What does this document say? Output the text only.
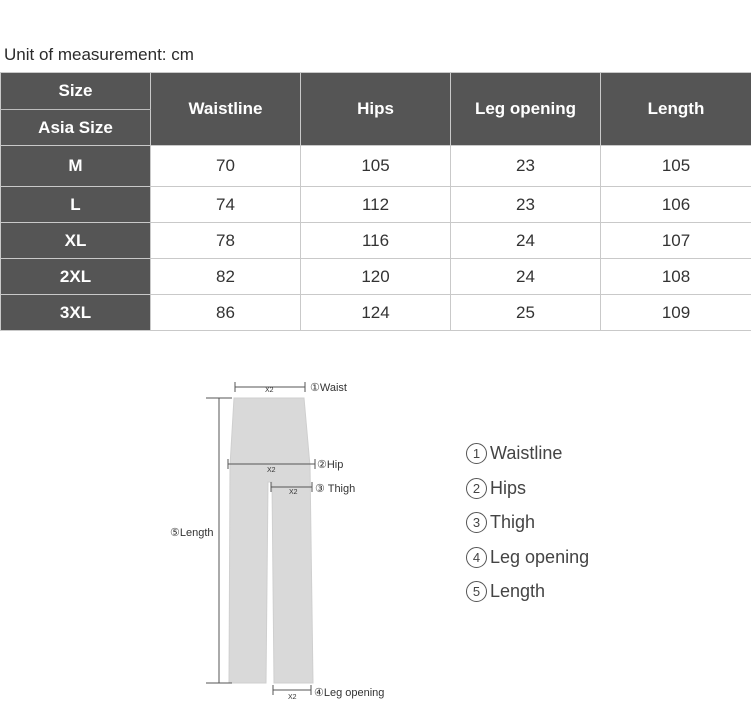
Unit of measurement: cm
Size	Waistline	Hips	Leg opening	Length
Asia Size				
M	70	105	23	105
L	74	112	23	106
XL	78	116	24	107
2XL	82	120	24	108
3XL	86	124	25	109
X2	①Waist
X2	②Hip
X2 ③ Thigh
⑤Length
X2 ④Leg opening
1 Waistline
2 Hips
3 Thigh
4 Leg opening
5 Length
